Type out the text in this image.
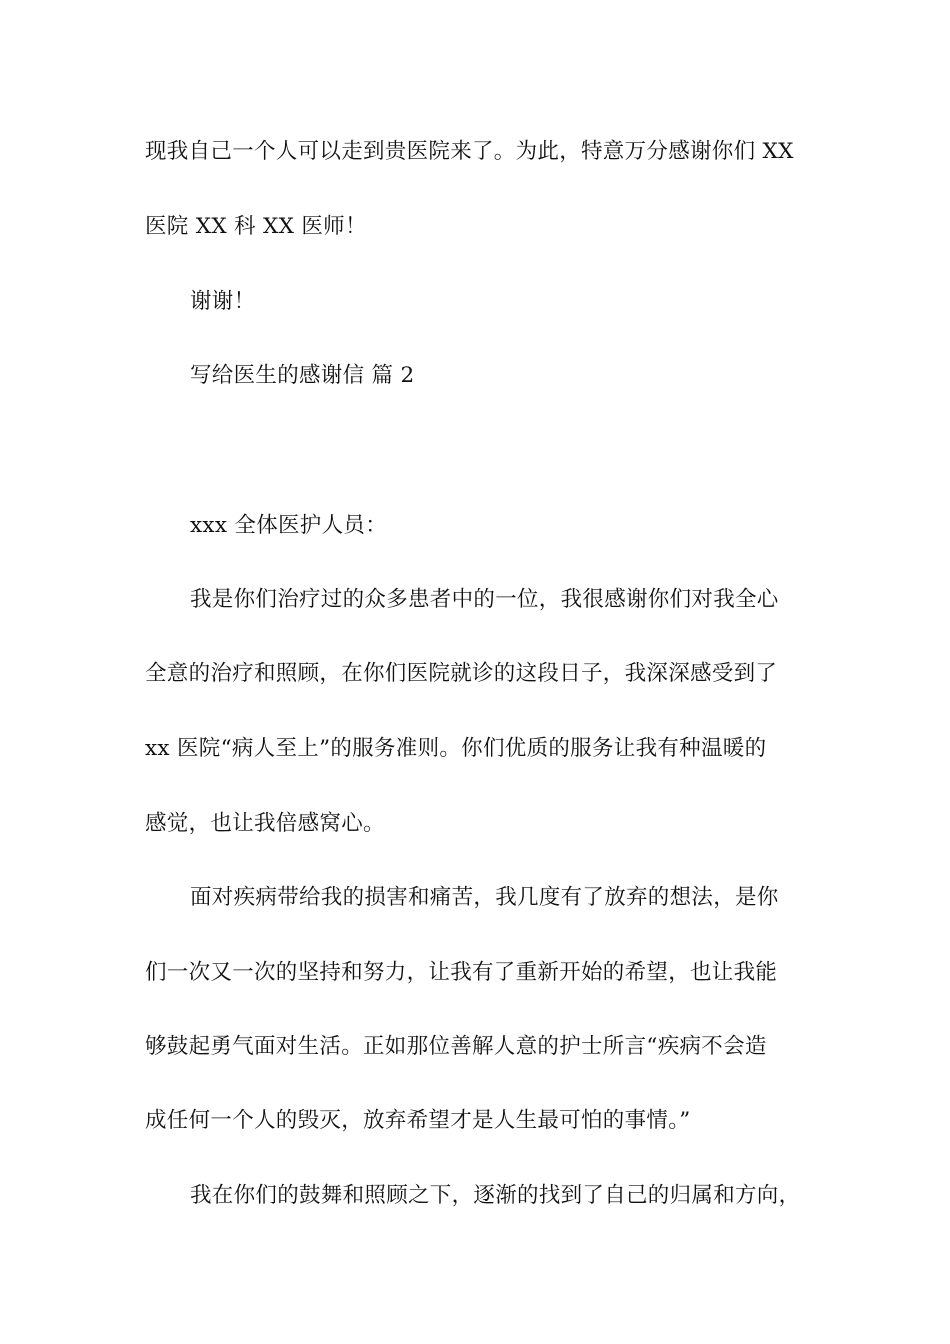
现我自己一个人可以走到贵医院来了。为此，特意万分感谢你们 XX
医院 XX 科 XX 医师！
谢谢！
写给医生的感谢信 篇 2
xxx 全体医护人员：
我是你们治疗过的众多患者中的一位，我很感谢你们对我全心
全意的治疗和照顾，在你们医院就诊的这段日子，我深深感受到了
xx 医院“病人至上”的服务准则。你们优质的服务让我有种温暖的
感觉，也让我倍感窝心。
面对疾病带给我的损害和痛苦，我几度有了放弃的想法，是你
们一次又一次的坚持和努力，让我有了重新开始的希望，也让我能
够鼓起勇气面对生活。正如那位善解人意的护士所言“疾病不会造
成任何一个人的毁灭，放弃希望才是人生最可怕的事情。”
我在你们的鼓舞和照顾之下，逐渐的找到了自己的归属和方向，
